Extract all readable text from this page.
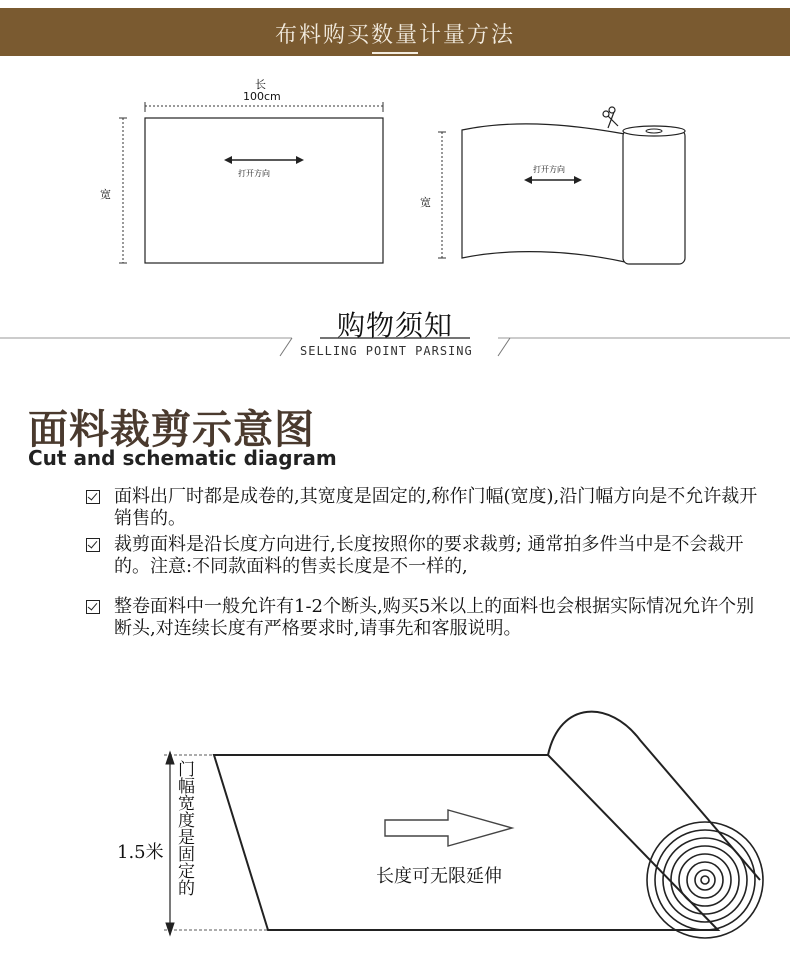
布料购买数量计量方法
长
100cm
宽
打开方向
宽
打开方向
购物须知
SELLING POINT PARSING
面料裁剪示意图
Cut and schematic diagram
面料出厂时都是成卷的,其宽度是固定的,称作门幅(宽度),沿门幅方向是不允许裁开销售的。
裁剪面料是沿长度方向进行,长度按照你的要求裁剪; 通常拍多件当中是不会裁开的。注意:不同款面料的售卖长度是不一样的,
整卷面料中一般允许有1-2个断头,购买5米以上的面料也会根据实际情况允许个别断头,对连续长度有严格要求时,请事先和客服说明。
1.5米 门幅宽度是固定的	长度可无限延伸
